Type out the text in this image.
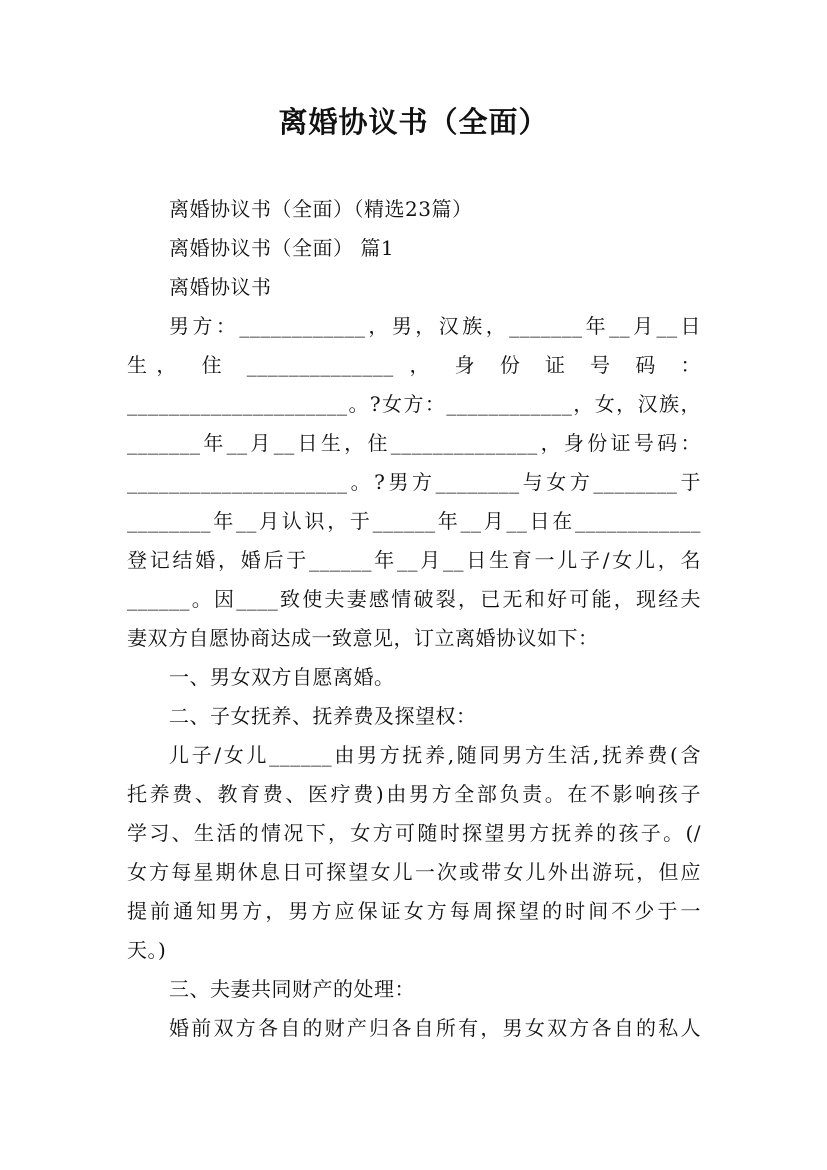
离婚协议书（全面）

离婚协议书（全面）（精选23篇）

离婚协议书（全面） 篇1

离婚协议书

男方：____________，男，汉族，_______年__月__日

生， 住 ______________ ， 身 份 证 号 码 ：

_____________________。?女方：____________，女，汉族，

_______年__月__日生，住______________，身份证号码：

_____________________。?男方________与女方________于

________年__月认识，于______年__月__日在____________

登记结婚，婚后于______年__月__日生育一儿子/女儿，名

______。因____致使夫妻感情破裂，已无和好可能，现经夫

妻双方自愿协商达成一致意见，订立离婚协议如下：

一、男女双方自愿离婚。

二、子女抚养、抚养费及探望权：

儿子/女儿______由男方抚养,随同男方生活,抚养费(含

托养费、教育费、医疗费)由男方全部负责。在不影响孩子

学习、生活的情况下，女方可随时探望男方抚养的孩子。(/

女方每星期休息日可探望女儿一次或带女儿外出游玩，但应

提前通知男方，男方应保证女方每周探望的时间不少于一

天。)

三、夫妻共同财产的处理：

婚前双方各自的财产归各自所有，男女双方各自的私人
